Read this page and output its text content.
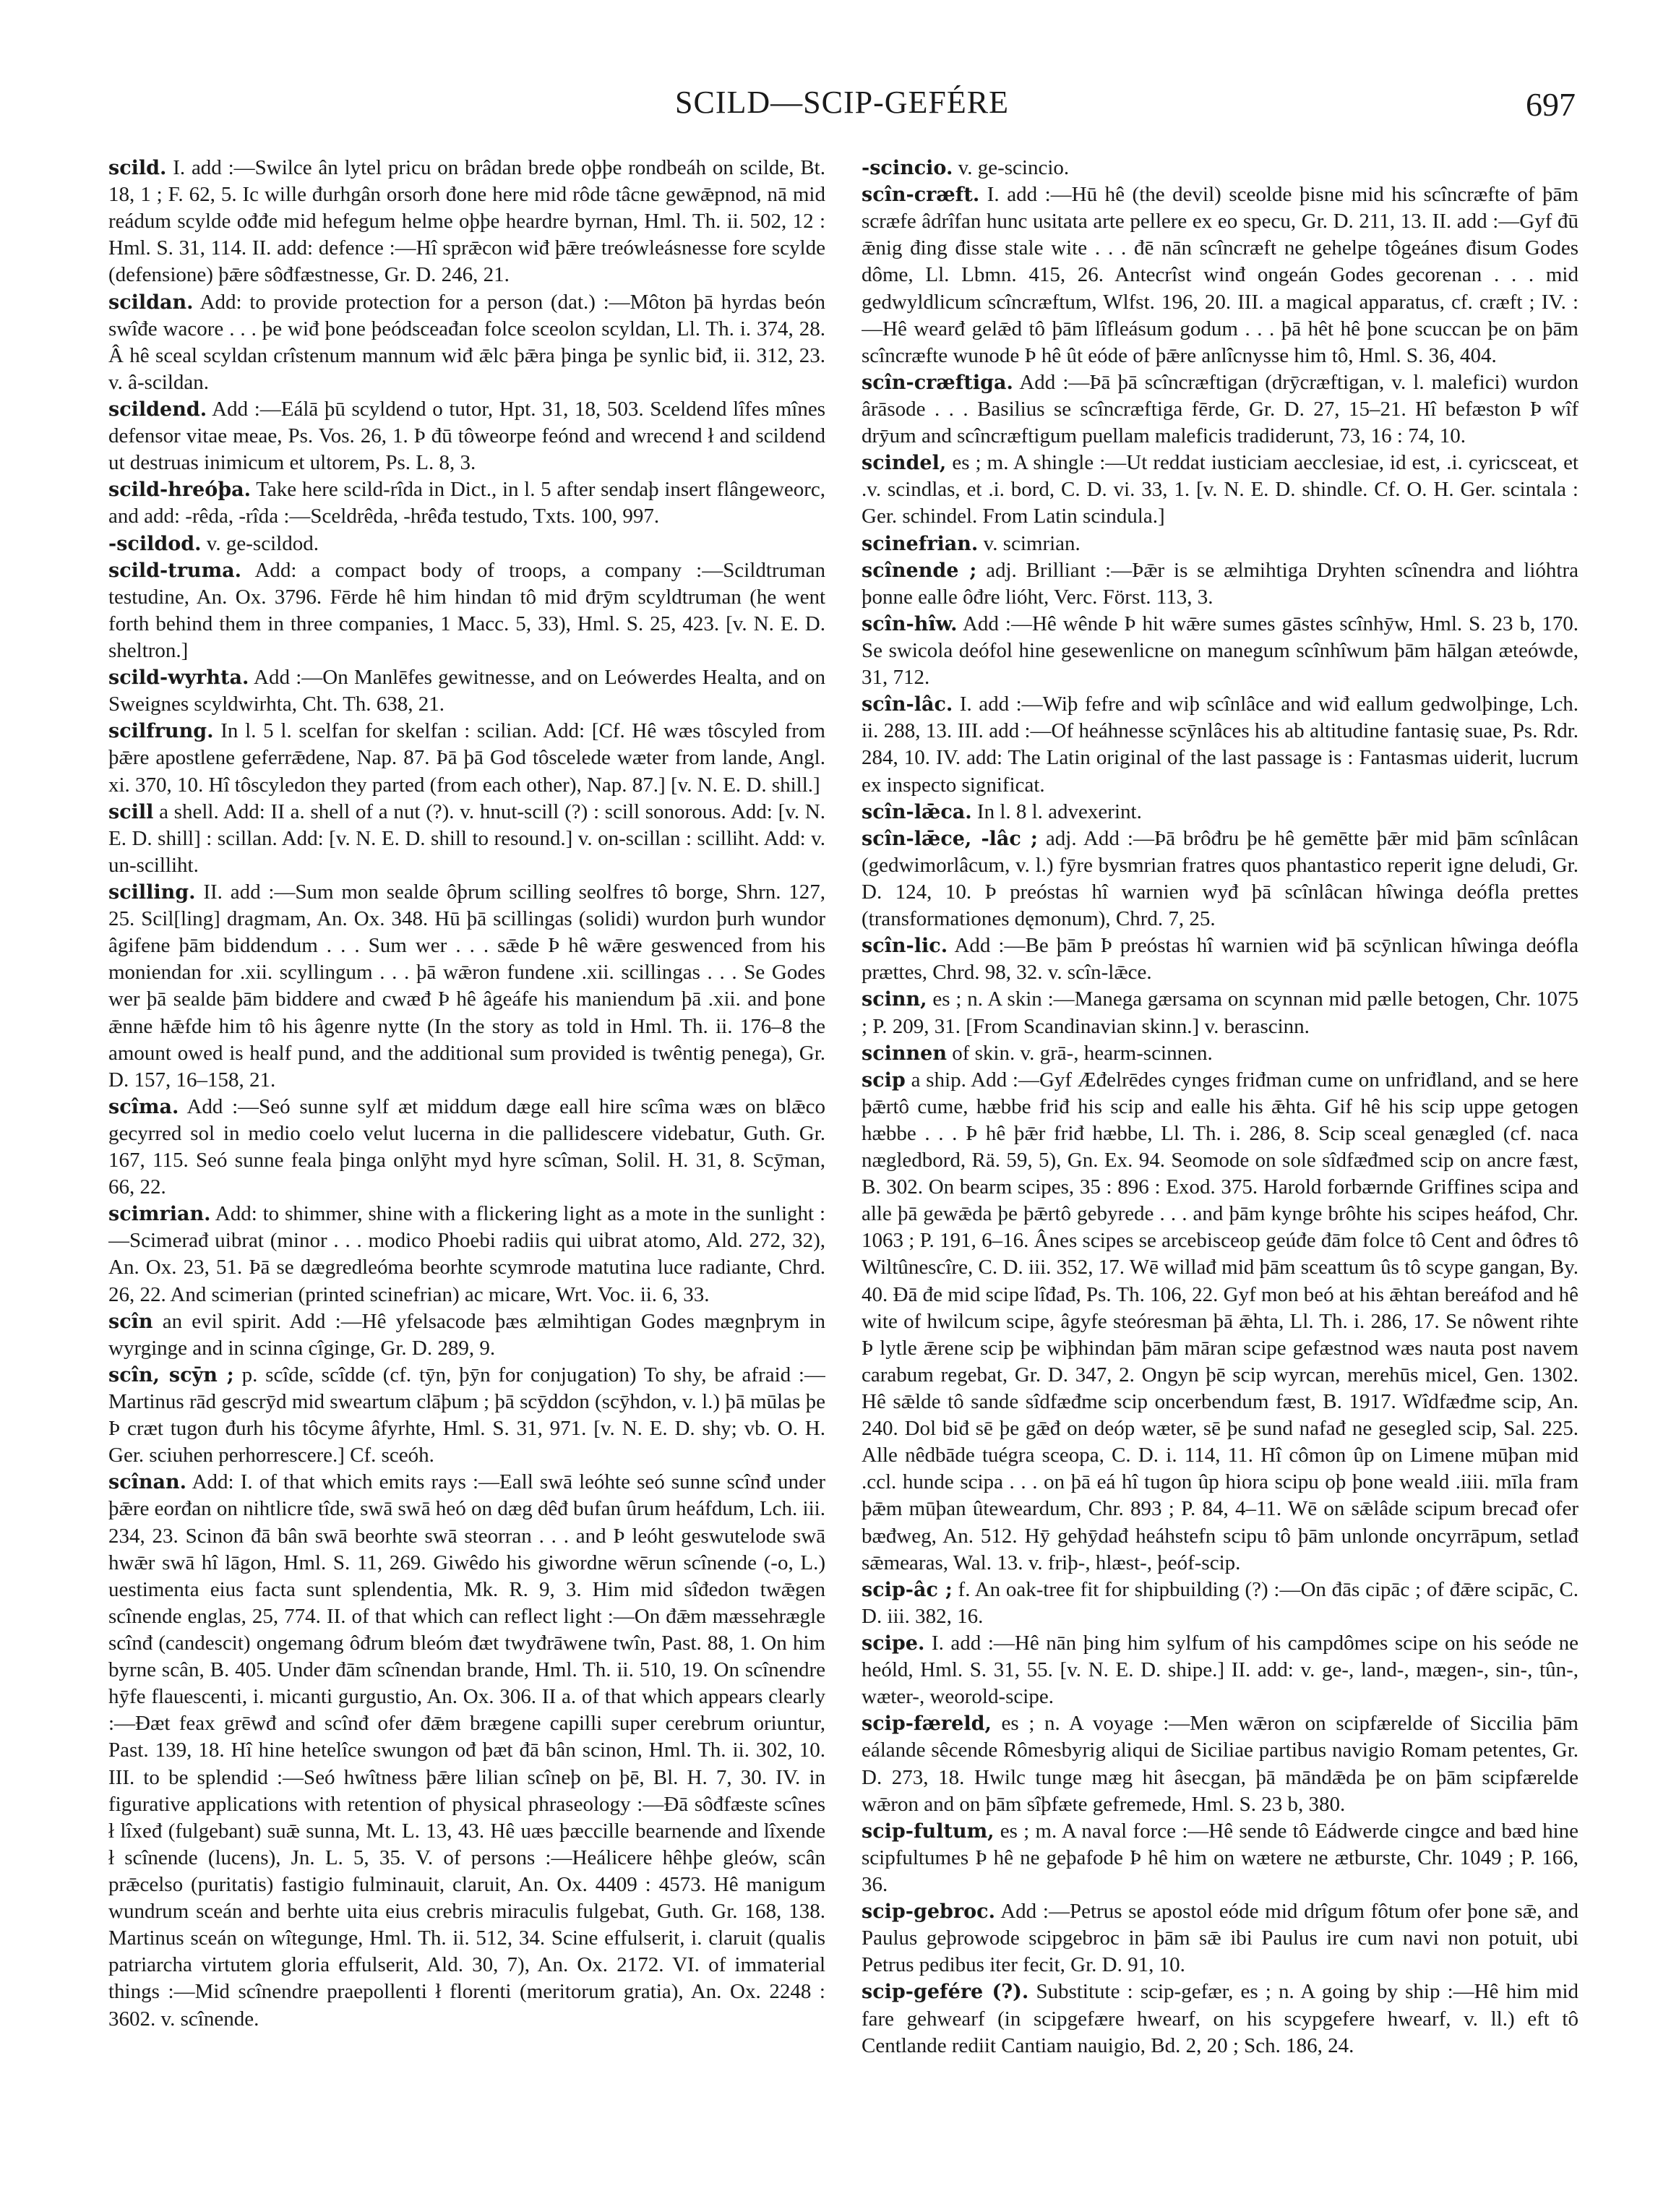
SCILD—SCIP-GEFÉRE	697

scild. I. add :—Swilce ân lytel pricu on brâdan brede oþþe rondbeáh on scilde, Bt. 18, 1 ; F. 62, 5. Ic wille đurhgân orsorh đone here mid rôde tâcne gewǣpnod, nā mid reádum scylde ođđe mid hefegum helme oþþe heardre byrnan, Hml. Th. ii. 502, 12 : Hml. S. 31, 114. II. add: defence :—Hî sprǣcon wiđ þǣre treówleásnesse fore scylde (defensione) þǣre sôđfæstnesse, Gr. D. 246, 21.

scildan. Add: to provide protection for a person (dat.) :—Môton þā hyrdas beón swîđe wacore . . . þe wiđ þone þeódsceađan folce sceolon scyldan, Ll. Th. i. 374, 28. Â hê sceal scyldan crîstenum mannum wiđ ǣlc þǣra þinga þe synlic biđ, ii. 312, 23. v. â-scildan.

scildend. Add :—Eálā þū scyldend o tutor, Hpt. 31, 18, 503. Sceldend lîfes mînes defensor vitae meae, Ps. Vos. 26, 1. Þ đū tôweorpe feónd and wrecend ł and scildend ut destruas inimicum et ultorem, Ps. L. 8, 3.

scild-hreóþa. Take here scild-rîda in Dict., in l. 5 after sendaþ insert flângeweorc, and add: -rêda, -rîda :—Sceldrêda, -hrêđa testudo, Txts. 100, 997.

-scildod. v. ge-scildod.

scild-truma. Add: a compact body of troops, a company :—Scildtruman testudine, An. Ox. 3796. Fērde hê him hindan tô mid đrȳm scyldtruman (he went forth behind them in three companies, 1 Macc. 5, 33), Hml. S. 25, 423. [v. N. E. D. sheltron.]

scild-wyrhta. Add :—On Manlēfes gewitnesse, and on Leówerdes Healta, and on Sweignes scyldwirhta, Cht. Th. 638, 21.

scilfrung. In l. 5 l. scelfan for skelfan : scilian. Add: [Cf. Hê wæs tôscyled from þǣre apostlene geferrǣdene, Nap. 87. Þā þā God tôscelede wæter from lande, Angl. xi. 370, 10. Hî tôscyledon they parted (from each other), Nap. 87.] [v. N. E. D. shill.]

scill a shell. Add: II a. shell of a nut (?). v. hnut-scill (?) : scill sonorous. Add: [v. N. E. D. shill] : scillan. Add: [v. N. E. D. shill to resound.] v. on-scillan : scilliht. Add: v. un-scilliht.

scilling. II. add :—Sum mon sealde ôþrum scilling seolfres tô borge, Shrn. 127, 25. Scil[ling] dragmam, An. Ox. 348. Hū þā scillingas (solidi) wurdon þurh wundor âgifene þām biddendum . . . Sum wer . . . sǣde Þ hê wǣre geswenced from his moniendan for .xii. scyllingum . . . þā wǣron fundene .xii. scillingas . . . Se Godes wer þā sealde þām biddere and cwæđ Þ hê âgeáfe his maniendum þā .xii. and þone ǣnne hǣfde him tô his âgenre nytte (In the story as told in Hml. Th. ii. 176–8 the amount owed is healf pund, and the additional sum provided is twêntig penega), Gr. D. 157, 16–158, 21.

scîma. Add :—Seó sunne sylf æt middum dæge eall hire scîma wæs on blǣco gecyrred sol in medio coelo velut lucerna in die pallidescere videbatur, Guth. Gr. 167, 115. Seó sunne feala þinga onlȳht myd hyre scîman, Solil. H. 31, 8. Scȳman, 66, 22.

scimrian. Add: to shimmer, shine with a flickering light as a mote in the sunlight :—Scimerađ uibrat (minor . . . modico Phoebi radiis qui uibrat atomo, Ald. 272, 32), An. Ox. 23, 51. Þā se dægredleóma beorhte scymrode matutina luce radiante, Chrd. 26, 22. And scimerian (printed scinefrian) ac micare, Wrt. Voc. ii. 6, 33.

scîn an evil spirit. Add :—Hê yfelsacode þæs ælmihtigan Godes mægnþrym in wyrginge and in scinna cîginge, Gr. D. 289, 9.

scîn, scȳn ; p. scîde, scîdde (cf. tȳn, þȳn for conjugation) To shy, be afraid :—Martinus rād gescrȳd mid sweartum clāþum ; þā scȳddon (scȳhdon, v. l.) þā mūlas þe Þ cræt tugon đurh his tôcyme âfyrhte, Hml. S. 31, 971. [v. N. E. D. shy; vb. O. H. Ger. sciuhen perhorrescere.] Cf. sceóh.

scînan. Add: I. of that which emits rays :—Eall swā leóhte seó sunne scînđ under þǣre eorđan on nihtlicre tîde, swā swā heó on dæg dêđ bufan ûrum heáfdum, Lch. iii. 234, 23. Scinon đā bân swā beorhte swā steorran . . . and Þ leóht geswutelode swā hwǣr swā hî lāgon, Hml. S. 11, 269. Giwêdo his giwordne wērun scînende (-o, L.) uestimenta eius facta sunt splendentia, Mk. R. 9, 3. Him mid sîđedon twǣgen scînende englas, 25, 774. II. of that which can reflect light :—On đǣm mæssehrægle scînđ (candescit) ongemang ôđrum bleóm đæt twyđrāwene twîn, Past. 88, 1. On him byrne scân, B. 405. Under đām scînendan brande, Hml. Th. ii. 510, 19. On scînendre hȳfe flauescenti, i. micanti gurgustio, An. Ox. 306. II a. of that which appears clearly :—Đæt feax grēwđ and scînđ ofer đǣm brægene capilli super cerebrum oriuntur, Past. 139, 18. Hî hine hetelîce swungon ođ þæt đā bân scinon, Hml. Th. ii. 302, 10. III. to be splendid :—Seó hwîtness þǣre lilian scîneþ on þē, Bl. H. 7, 30. IV. in figurative applications with retention of physical phraseology :—Đā sôđfæste scînes ł lîxeđ (fulgebant) suǣ sunna, Mt. L. 13, 43. Hê uæs þæccille bearnende and lîxende ł scînende (lucens), Jn. L. 5, 35. V. of persons :—Heálicere hêhþe gleów, scân prǣcelso (puritatis) fastigio fulminauit, claruit, An. Ox. 4409 : 4573. Hê manigum wundrum sceán and berhte uita eius crebris miraculis fulgebat, Guth. Gr. 168, 138. Martinus sceán on wîtegunge, Hml. Th. ii. 512, 34. Scine effulserit, i. claruit (qualis patriarcha virtutem gloria effulserit, Ald. 30, 7), An. Ox. 2172. VI. of immaterial things :—Mid scînendre praepollenti ł florenti (meritorum gratia), An. Ox. 2248 : 3602. v. scînende.

-scincio. v. ge-scincio.

scîn-cræft. I. add :—Hū hê (the devil) sceolde þisne mid his scîncræfte of þām scræfe âdrîfan hunc usitata arte pellere ex eo specu, Gr. D. 211, 13. II. add :—Gyf đū ǣnig đing đisse stale wite . . . đē nān scîncræft ne gehelpe tôgeánes đisum Godes dôme, Ll. Lbmn. 415, 26. Antecrîst winđ ongeán Godes gecorenan . . . mid gedwyldlicum scîncræftum, Wlfst. 196, 20. III. a magical apparatus, cf. cræft ; IV. :—Hê wearđ gelǣd tô þām lîfleásum godum . . . þā hêt hê þone scuccan þe on þām scîncræfte wunode Þ hê ût eóde of þǣre anlîcnysse him tô, Hml. S. 36, 404.

scîn-cræftiga. Add :—Þā þā scîncræftigan (drȳcræftigan, v. l. malefici) wurdon ârāsode . . . Basilius se scîncræftiga fērde, Gr. D. 27, 15–21. Hî befæston Þ wîf drȳum and scîncræftigum puellam maleficis tradiderunt, 73, 16 : 74, 10.

scindel, es ; m. A shingle :—Ut reddat iusticiam aecclesiae, id est, .i. cyricsceat, et .v. scindlas, et .i. bord, C. D. vi. 33, 1. [v. N. E. D. shindle. Cf. O. H. Ger. scintala : Ger. schindel. From Latin scindula.]

scinefrian. v. scimrian.

scînende ; adj. Brilliant :—Þǣr is se ælmihtiga Dryhten scînendra and lióhtra þonne ealle ôđre lióht, Verc. Först. 113, 3.

scîn-hîw. Add :—Hê wênde Þ hit wǣre sumes gāstes scînhȳw, Hml. S. 23 b, 170. Se swicola deófol hine gesewenlicne on manegum scînhîwum þām hālgan æteówde, 31, 712.

scîn-lâc. I. add :—Wiþ fefre and wiþ scînlâce and wiđ eallum gedwolþinge, Lch. ii. 288, 13. III. add :—Of heáhnesse scȳnlâces his ab altitudine fantasię suae, Ps. Rdr. 284, 10. IV. add: The Latin original of the last passage is : Fantasmas uiderit, lucrum ex inspecto significat.

scîn-lǣca. In l. 8 l. advexerint.

scîn-lǣce, -lâc ; adj. Add :—Þā brôđru þe hê gemētte þǣr mid þām scînlâcan (gedwimorlâcum, v. l.) fȳre bysmrian fratres quos phantastico reperit igne deludi, Gr. D. 124, 10. Þ preóstas hî warnien wyđ þā scînlâcan hîwinga deófla prettes (transformationes dęmonum), Chrd. 7, 25.

scîn-lic. Add :—Be þām Þ preóstas hî warnien wiđ þā scȳnlican hîwinga deófla prættes, Chrd. 98, 32. v. scîn-lǣce.

scinn, es ; n. A skin :—Manega gærsama on scynnan mid pælle betogen, Chr. 1075 ; P. 209, 31. [From Scandinavian skinn.] v. berascinn.

scinnen of skin. v. grā-, hearm-scinnen.

scip a ship. Add :—Gyf Æđelrēdes cynges friđman cume on unfriđland, and se here þǣrtô cume, hæbbe friđ his scip and ealle his ǣhta. Gif hê his scip uppe getogen hæbbe . . . Þ hê þǣr friđ hæbbe, Ll. Th. i. 286, 8. Scip sceal genægled (cf. naca nægledbord, Rä. 59, 5), Gn. Ex. 94. Seomode on sole sîdfæđmed scip on ancre fæst, B. 302. On bearm scipes, 35 : 896 : Exod. 375. Harold forbærnde Griffines scipa and alle þā gewǣda þe þǣrtô gebyrede . . . and þām kynge brôhte his scipes heáfod, Chr. 1063 ; P. 191, 6–16. Ânes scipes se arcebisceop geúđe đām folce tô Cent and ôđres tô Wiltûnescîre, C. D. iii. 352, 17. Wē willađ mid þām sceattum ûs tô scype gangan, By. 40. Đā đe mid scipe lîđađ, Ps. Th. 106, 22. Gyf mon beó at his ǣhtan bereáfod and hê wite of hwilcum scipe, âgyfe steóresman þā ǣhta, Ll. Th. i. 286, 17. Se nôwent rihte Þ lytle ǣrene scip þe wiþhindan þām māran scipe gefæstnod wæs nauta post navem carabum regebat, Gr. D. 347, 2. Ongyn þē scip wyrcan, merehūs micel, Gen. 1302. Hê sǣlde tô sande sîdfæđme scip oncerbendum fæst, B. 1917. Wîdfæđme scip, An. 240. Dol biđ sē þe gǣđ on deóp wæter, sē þe sund nafađ ne gesegled scip, Sal. 225. Alle nêdbāde tuégra sceopa, C. D. i. 114, 11. Hî cômon ûp on Limene mūþan mid .ccl. hunde scipa . . . on þā eá hî tugon ûp hiora scipu oþ þone weald .iiii. mīla fram þǣm mūþan ûteweardum, Chr. 893 ; P. 84, 4–11. Wē on sǣlâde scipum brecađ ofer bæđweg, An. 512. Hȳ gehȳdađ heáhstefn scipu tô þām unlonde oncyrrāpum, setlađ sǣmearas, Wal. 13. v. friþ-, hlæst-, þeóf-scip.

scip-âc ; f. An oak-tree fit for shipbuilding (?) :—On đās cipāc ; of đǣre scipāc, C. D. iii. 382, 16.

scipe. I. add :—Hê nān þing him sylfum of his campdômes scipe on his seóde ne heóld, Hml. S. 31, 55. [v. N. E. D. shipe.] II. add: v. ge-, land-, mægen-, sin-, tûn-, wæter-, weorold-scipe.

scip-færeld, es ; n. A voyage :—Men wǣron on scipfærelde of Siccilia þām eálande sêcende Rômesbyrig aliqui de Siciliae partibus navigio Romam petentes, Gr. D. 273, 18. Hwilc tunge mæg hit âsecgan, þā māndǣda þe on þām scipfærelde wǣron and on þām sîþfæte gefremede, Hml. S. 23 b, 380.

scip-fultum, es ; m. A naval force :—Hê sende tô Eádwerde cingce and bæd hine scipfultumes Þ hê ne geþafode Þ hê him on wætere ne ætburste, Chr. 1049 ; P. 166, 36.

scip-gebroc. Add :—Petrus se apostol eóde mid drîgum fôtum ofer þone sǣ, and Paulus geþrowode scipgebroc in þām sǣ ibi Paulus ire cum navi non potuit, ubi Petrus pedibus iter fecit, Gr. D. 91, 10.

scip-gefére (?). Substitute : scip-gefær, es ; n. A going by ship :—Hê him mid fare gehwearf (in scipgefære hwearf, on his scypgefere hwearf, v. ll.) eft tô Centlande rediit Cantiam nauigio, Bd. 2, 20 ; Sch. 186, 24.
